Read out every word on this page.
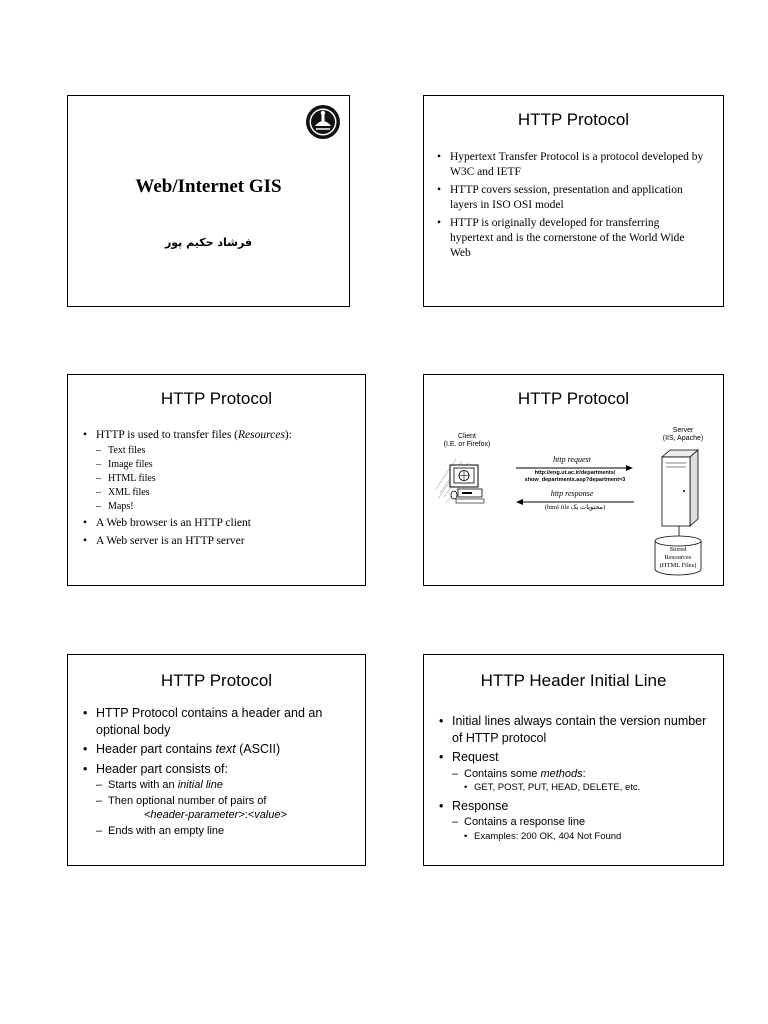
Web/Internet GIS
فرشاد حکیم پور
HTTP Protocol
• Hypertext Transfer Protocol is a protocol developed by W3C and IETF
• HTTP covers session, presentation and application layers in ISO OSI model
• HTTP is originally developed for transferring hypertext and is the cornerstone of the World Wide Web
HTTP Protocol
• HTTP is used to transfer files (Resources):
– Text files
– Image files
– HTML files
– XML files
– Maps!
• A Web browser is an HTTP client
• A Web server is an HTTP server
HTTP Protocol
Client
(I.E. or Firefox)
http request
http://eng.ut.ac.ir/departments/
show_departments.asp?department=3
http response
(محتویات یک html file)
Server
(IIS, Apache)
Stored
Resources
(HTML Files)
HTTP Protocol
• HTTP Protocol contains a header and an optional body
• Header part contains text (ASCII)
• Header part consists of:
– Starts with an initial line
– Then optional number of pairs of
<header-parameter>:<value>
– Ends with an empty line
HTTP Header Initial Line
• Initial lines always contain the version number of HTTP protocol
• Request
– Contains some methods:
• GET, POST, PUT, HEAD, DELETE, etc.
• Response
– Contains a response line
• Examples: 200 OK, 404 Not Found
